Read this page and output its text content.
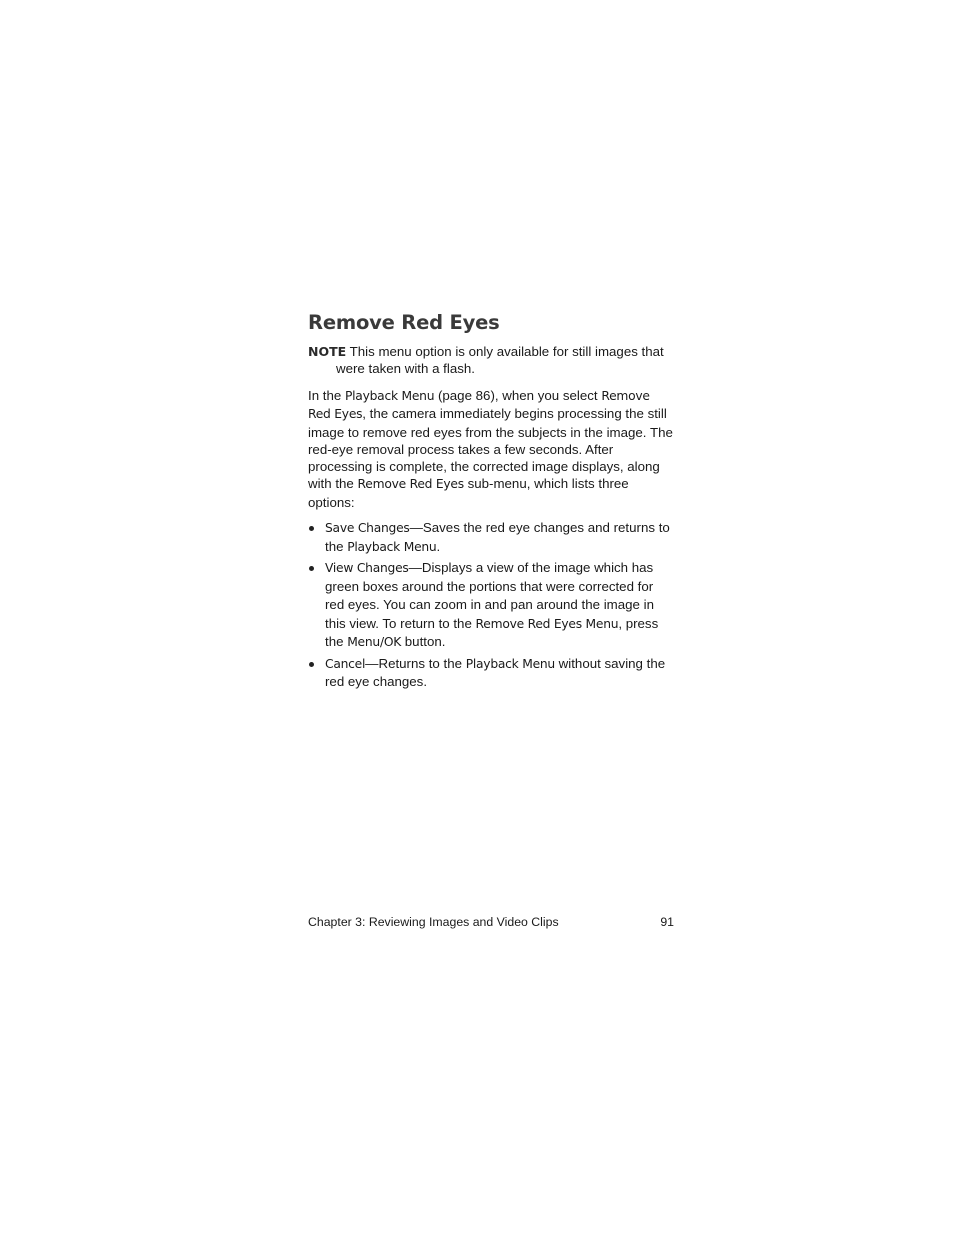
Remove Red Eyes
NOTE This menu option is only available for still images that were taken with a flash.
In the Playback Menu (page 86), when you select Remove Red Eyes, the camera immediately begins processing the still image to remove red eyes from the subjects in the image. The red-eye removal process takes a few seconds. After processing is complete, the corrected image displays, along with the Remove Red Eyes sub-menu, which lists three options:
Save Changes—Saves the red eye changes and returns to the Playback Menu.
View Changes—Displays a view of the image which has green boxes around the portions that were corrected for red eyes. You can zoom in and pan around the image in this view. To return to the Remove Red Eyes Menu, press the Menu/OK button.
Cancel—Returns to the Playback Menu without saving the red eye changes.
Chapter 3: Reviewing Images and Video Clips	91
